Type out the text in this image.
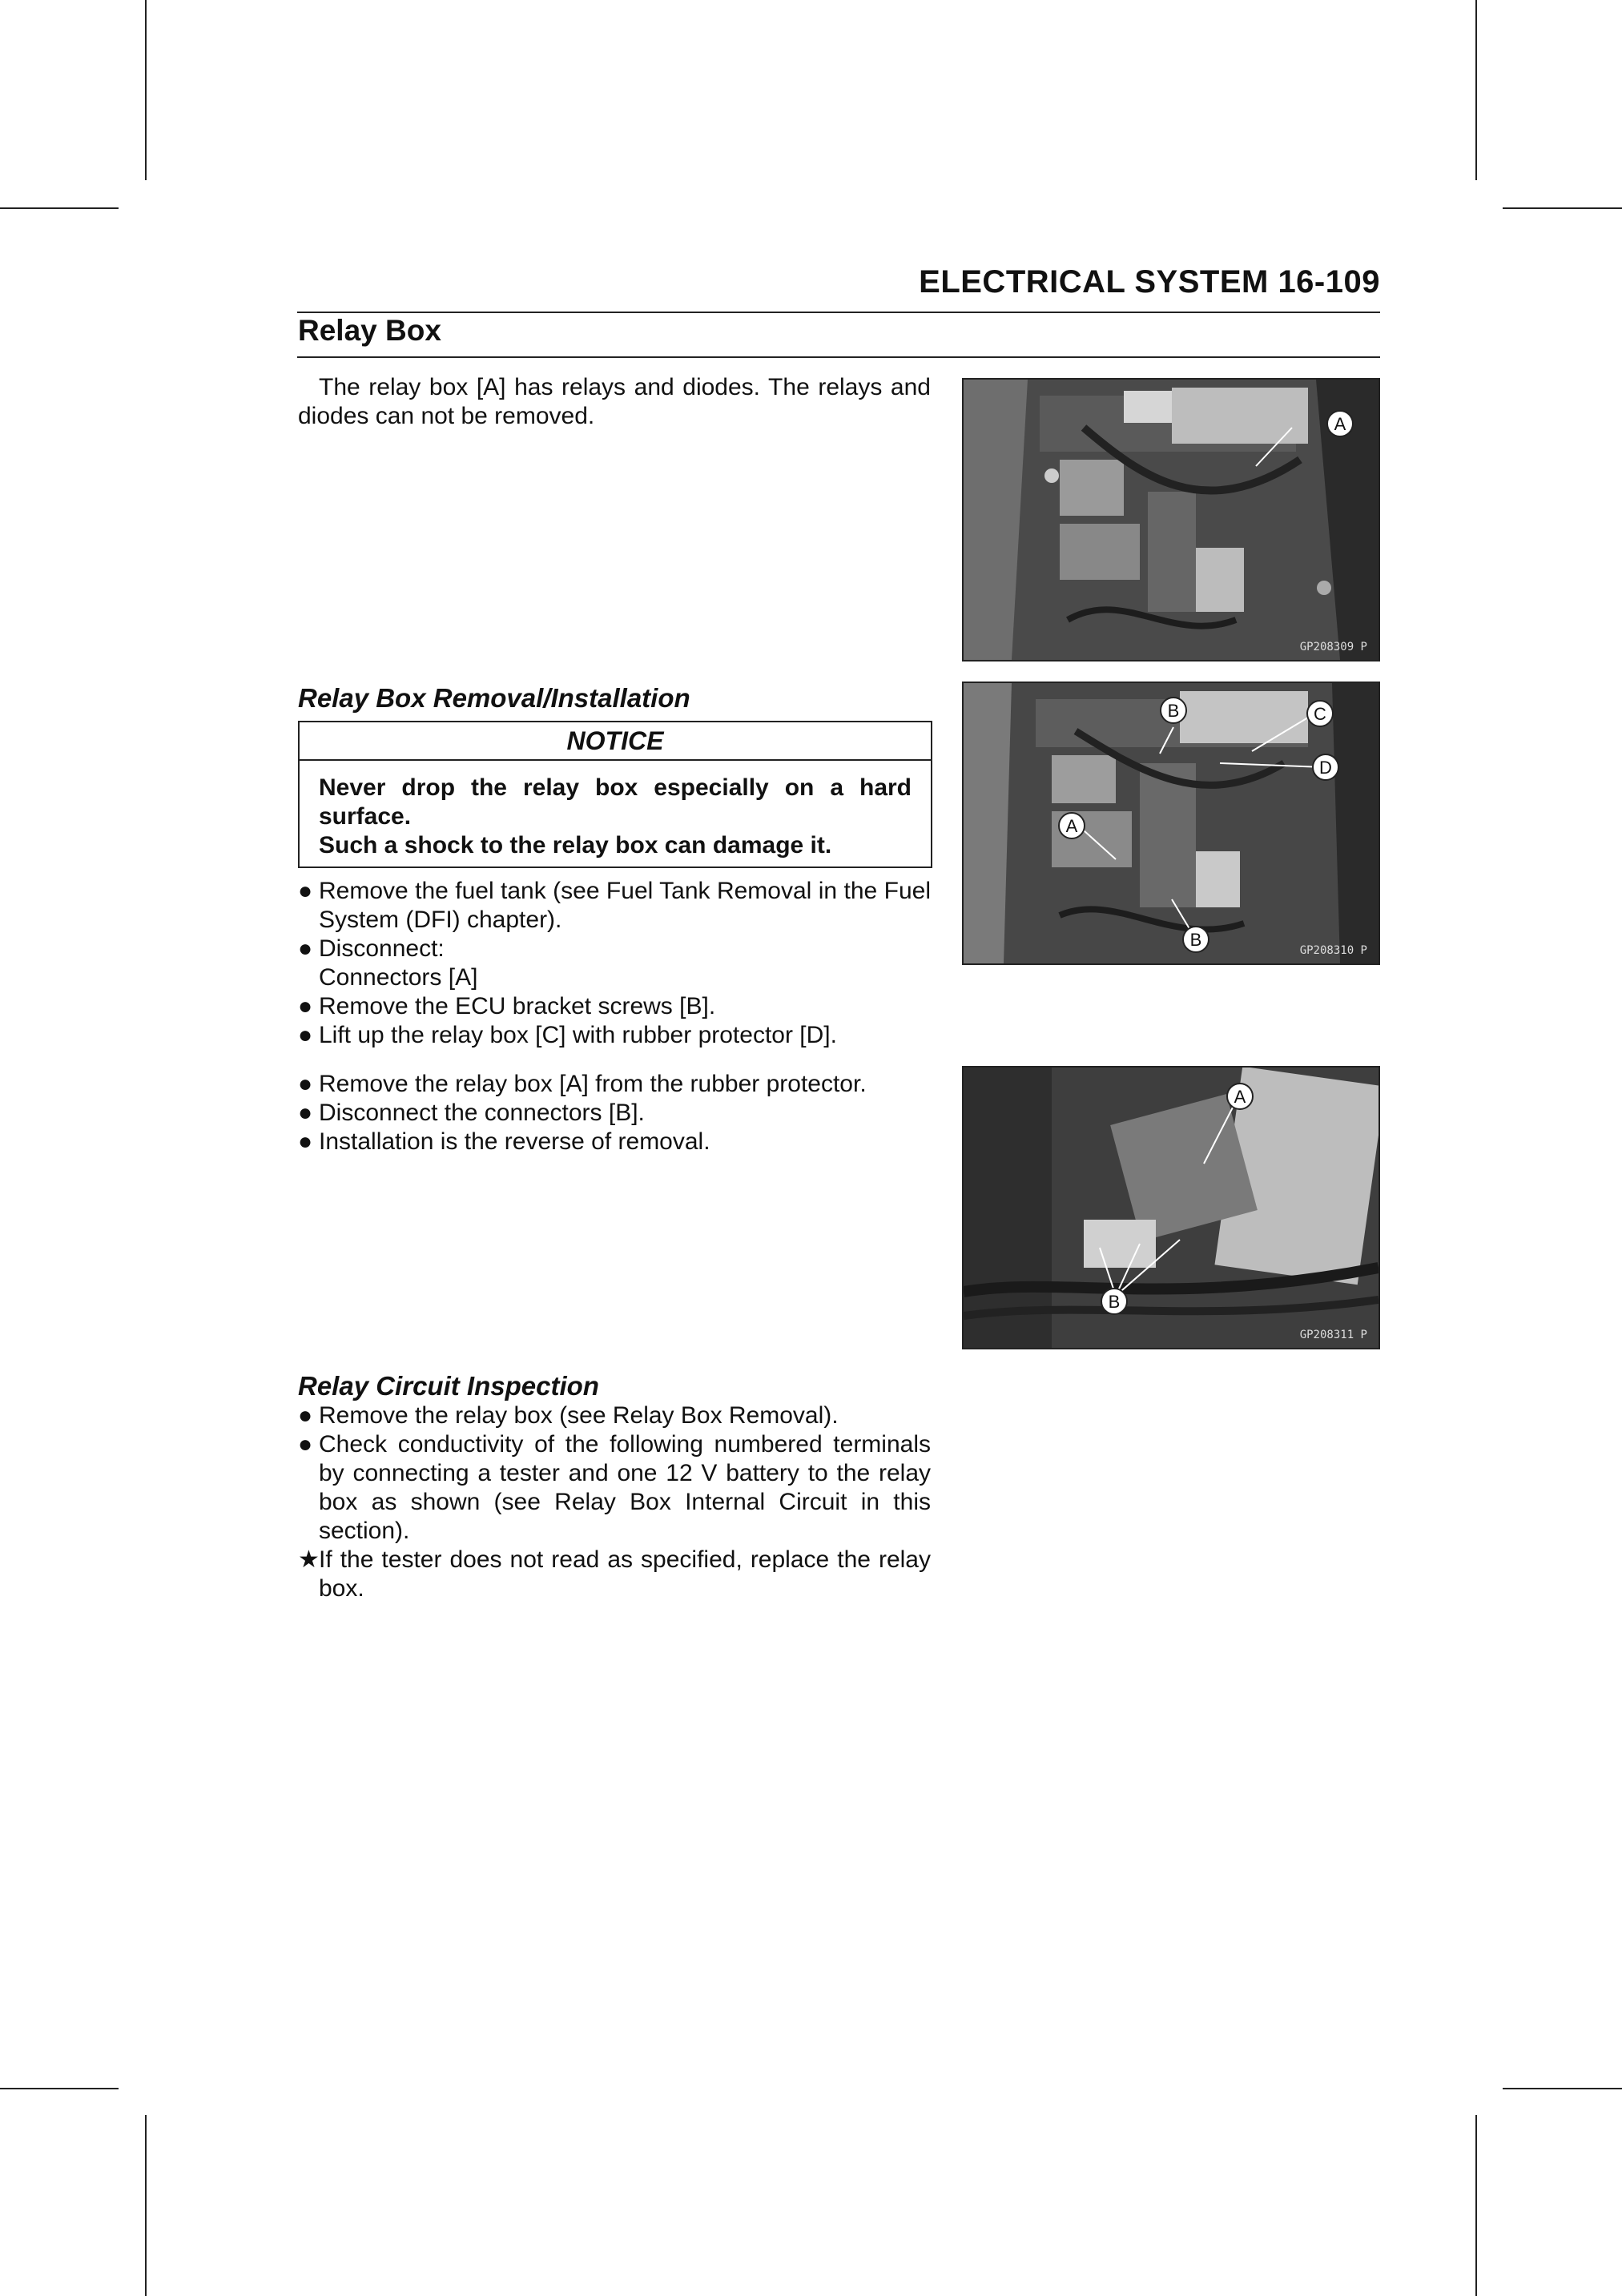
ELECTRICAL SYSTEM 16-109
Relay Box
The relay box [A] has relays and diodes. The relays and diodes can not be removed.	A
GP208309 P
Relay Box Removal/Installation
NOTICE

Never drop the relay box especially on a hard surface.

Such a shock to the relay box can damage it.

● Remove the fuel tank (see Fuel Tank Removal in the Fuel System (DFI) chapter).
● Disconnect:
Connectors [A]
● Remove the ECU bracket screws [B].
● Lift up the relay box [C] with rubber protector [D].
B	C
D
A
B
GP208310 P
● Remove the relay box [A] from the rubber protector.
● Disconnect the connectors [B].
● Installation is the reverse of removal.
A
B
GP208311 P
Relay Circuit Inspection
● Remove the relay box (see Relay Box Removal).
● Check conductivity of the following numbered terminals by connecting a tester and one 12 V battery to the relay box as shown (see Relay Box Internal Circuit in this section).
★ If the tester does not read as specified, replace the relay box.
